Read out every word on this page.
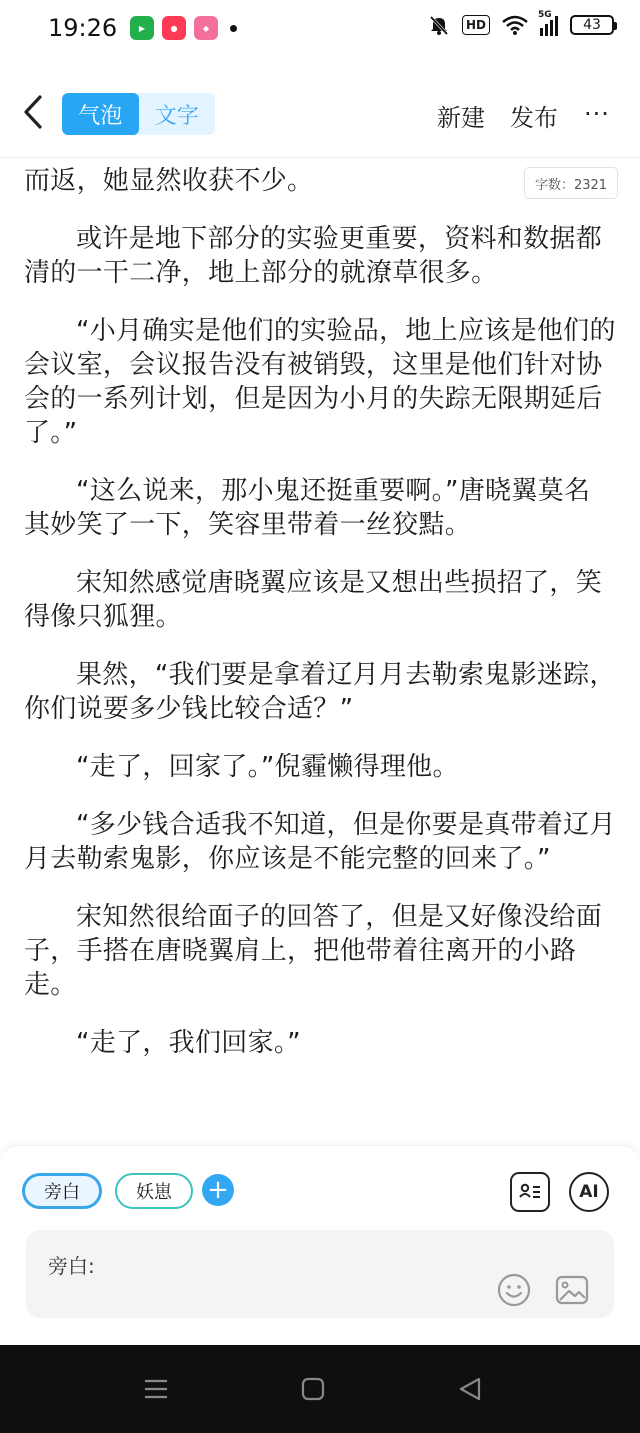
19:26	▶	●	◆	HD
5G
43
气泡	文字	新建 发布 ···

而返，她显然收获不少。

或许是地下部分的实验更重要，资料和数据都清的一干二净，地上部分的就潦草很多。

“小月确实是他们的实验品，地上应该是他们的会议室，会议报告没有被销毁，这里是他们针对协会的一系列计划，但是因为小月的失踪无限期延后了。”

“这么说来，那小鬼还挺重要啊。”唐晓翼莫名其妙笑了一下，笑容里带着一丝狡黠。

宋知然感觉唐晓翼应该是又想出些损招了，笑得像只狐狸。

果然，“我们要是拿着辽月月去勒索鬼影迷踪，你们说要多少钱比较合适？”

“走了，回家了。”倪霾懒得理他。

“多少钱合适我不知道，但是你要是真带着辽月月去勒索鬼影，你应该是不能完整的回来了。”

宋知然很给面子的回答了，但是又好像没给面子，手搭在唐晓翼肩上，把他带着往离开的小路走。

“走了，我们回家。”

字数：2321
旁白	妖崽	+	AI
旁白:
